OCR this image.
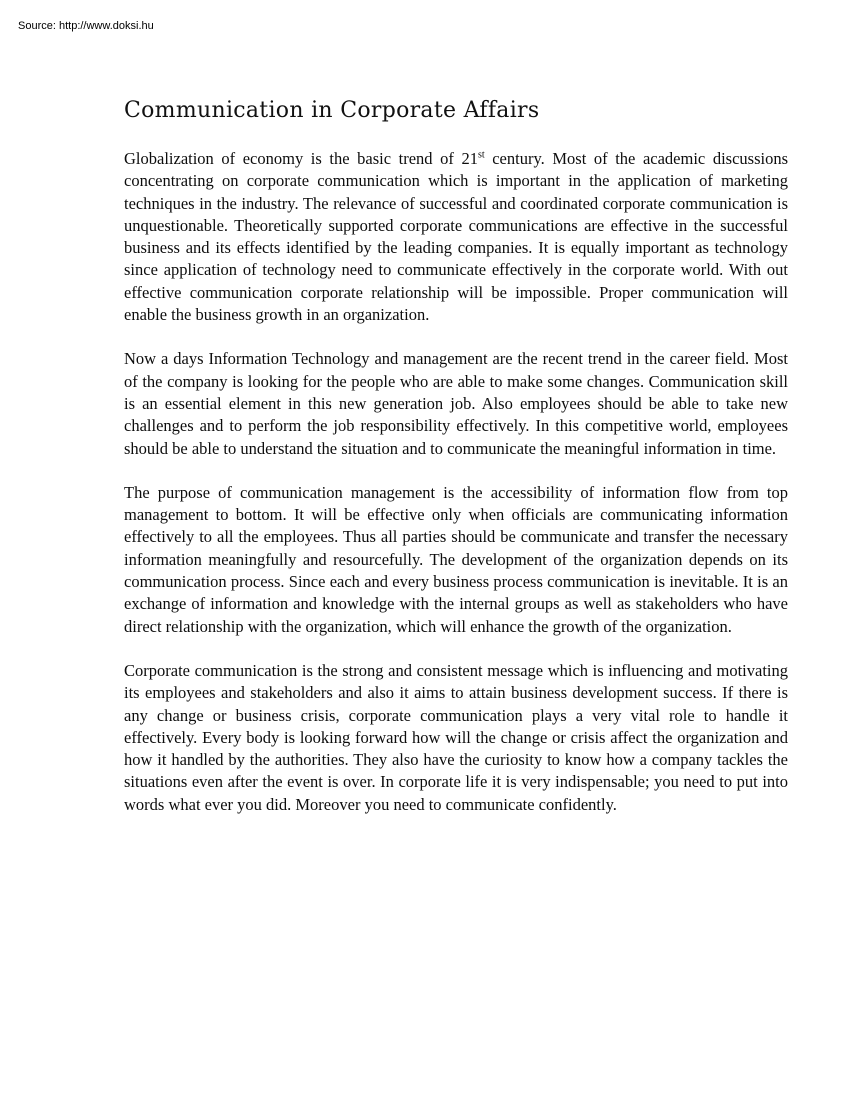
Source: http://www.doksi.hu
Communication in Corporate Affairs

Globalization of economy is the basic trend of 21st century. Most of the academic discussions concentrating on corporate communication which is important in the application of marketing techniques in the industry. The relevance of successful and coordinated corporate communication is unquestionable. Theoretically supported corporate communications are effective in the successful business and its effects identified by the leading companies. It is equally important as technology since application of technology need to communicate effectively in the corporate world. With out effective communication corporate relationship will be impossible. Proper communication will enable the business growth in an organization.

Now a days Information Technology and management are the recent trend in the career field. Most of the company is looking for the people who are able to make some changes. Communication skill is an essential element in this new generation job. Also employees should be able to take new challenges and to perform the job responsibility effectively. In this competitive world, employees should be able to understand the situation and to communicate the meaningful information in time.

The purpose of communication management is the accessibility of information flow from top management to bottom. It will be effective only when officials are communicating information effectively to all the employees. Thus all parties should be communicate and transfer the necessary information meaningfully and resourcefully. The development of the organization depends on its communication process. Since each and every business process communication is inevitable. It is an exchange of information and knowledge with the internal groups as well as stakeholders who have direct relationship with the organization, which will enhance the growth of the organization.

Corporate communication is the strong and consistent message which is influencing and motivating its employees and stakeholders and also it aims to attain business development success. If there is any change or business crisis, corporate communication plays a very vital role to handle it effectively. Every body is looking forward how will the change or crisis affect the organization and how it handled by the authorities. They also have the curiosity to know how a company tackles the situations even after the event is over. In corporate life it is very indispensable; you need to put into words what ever you did. Moreover you need to communicate confidently.
